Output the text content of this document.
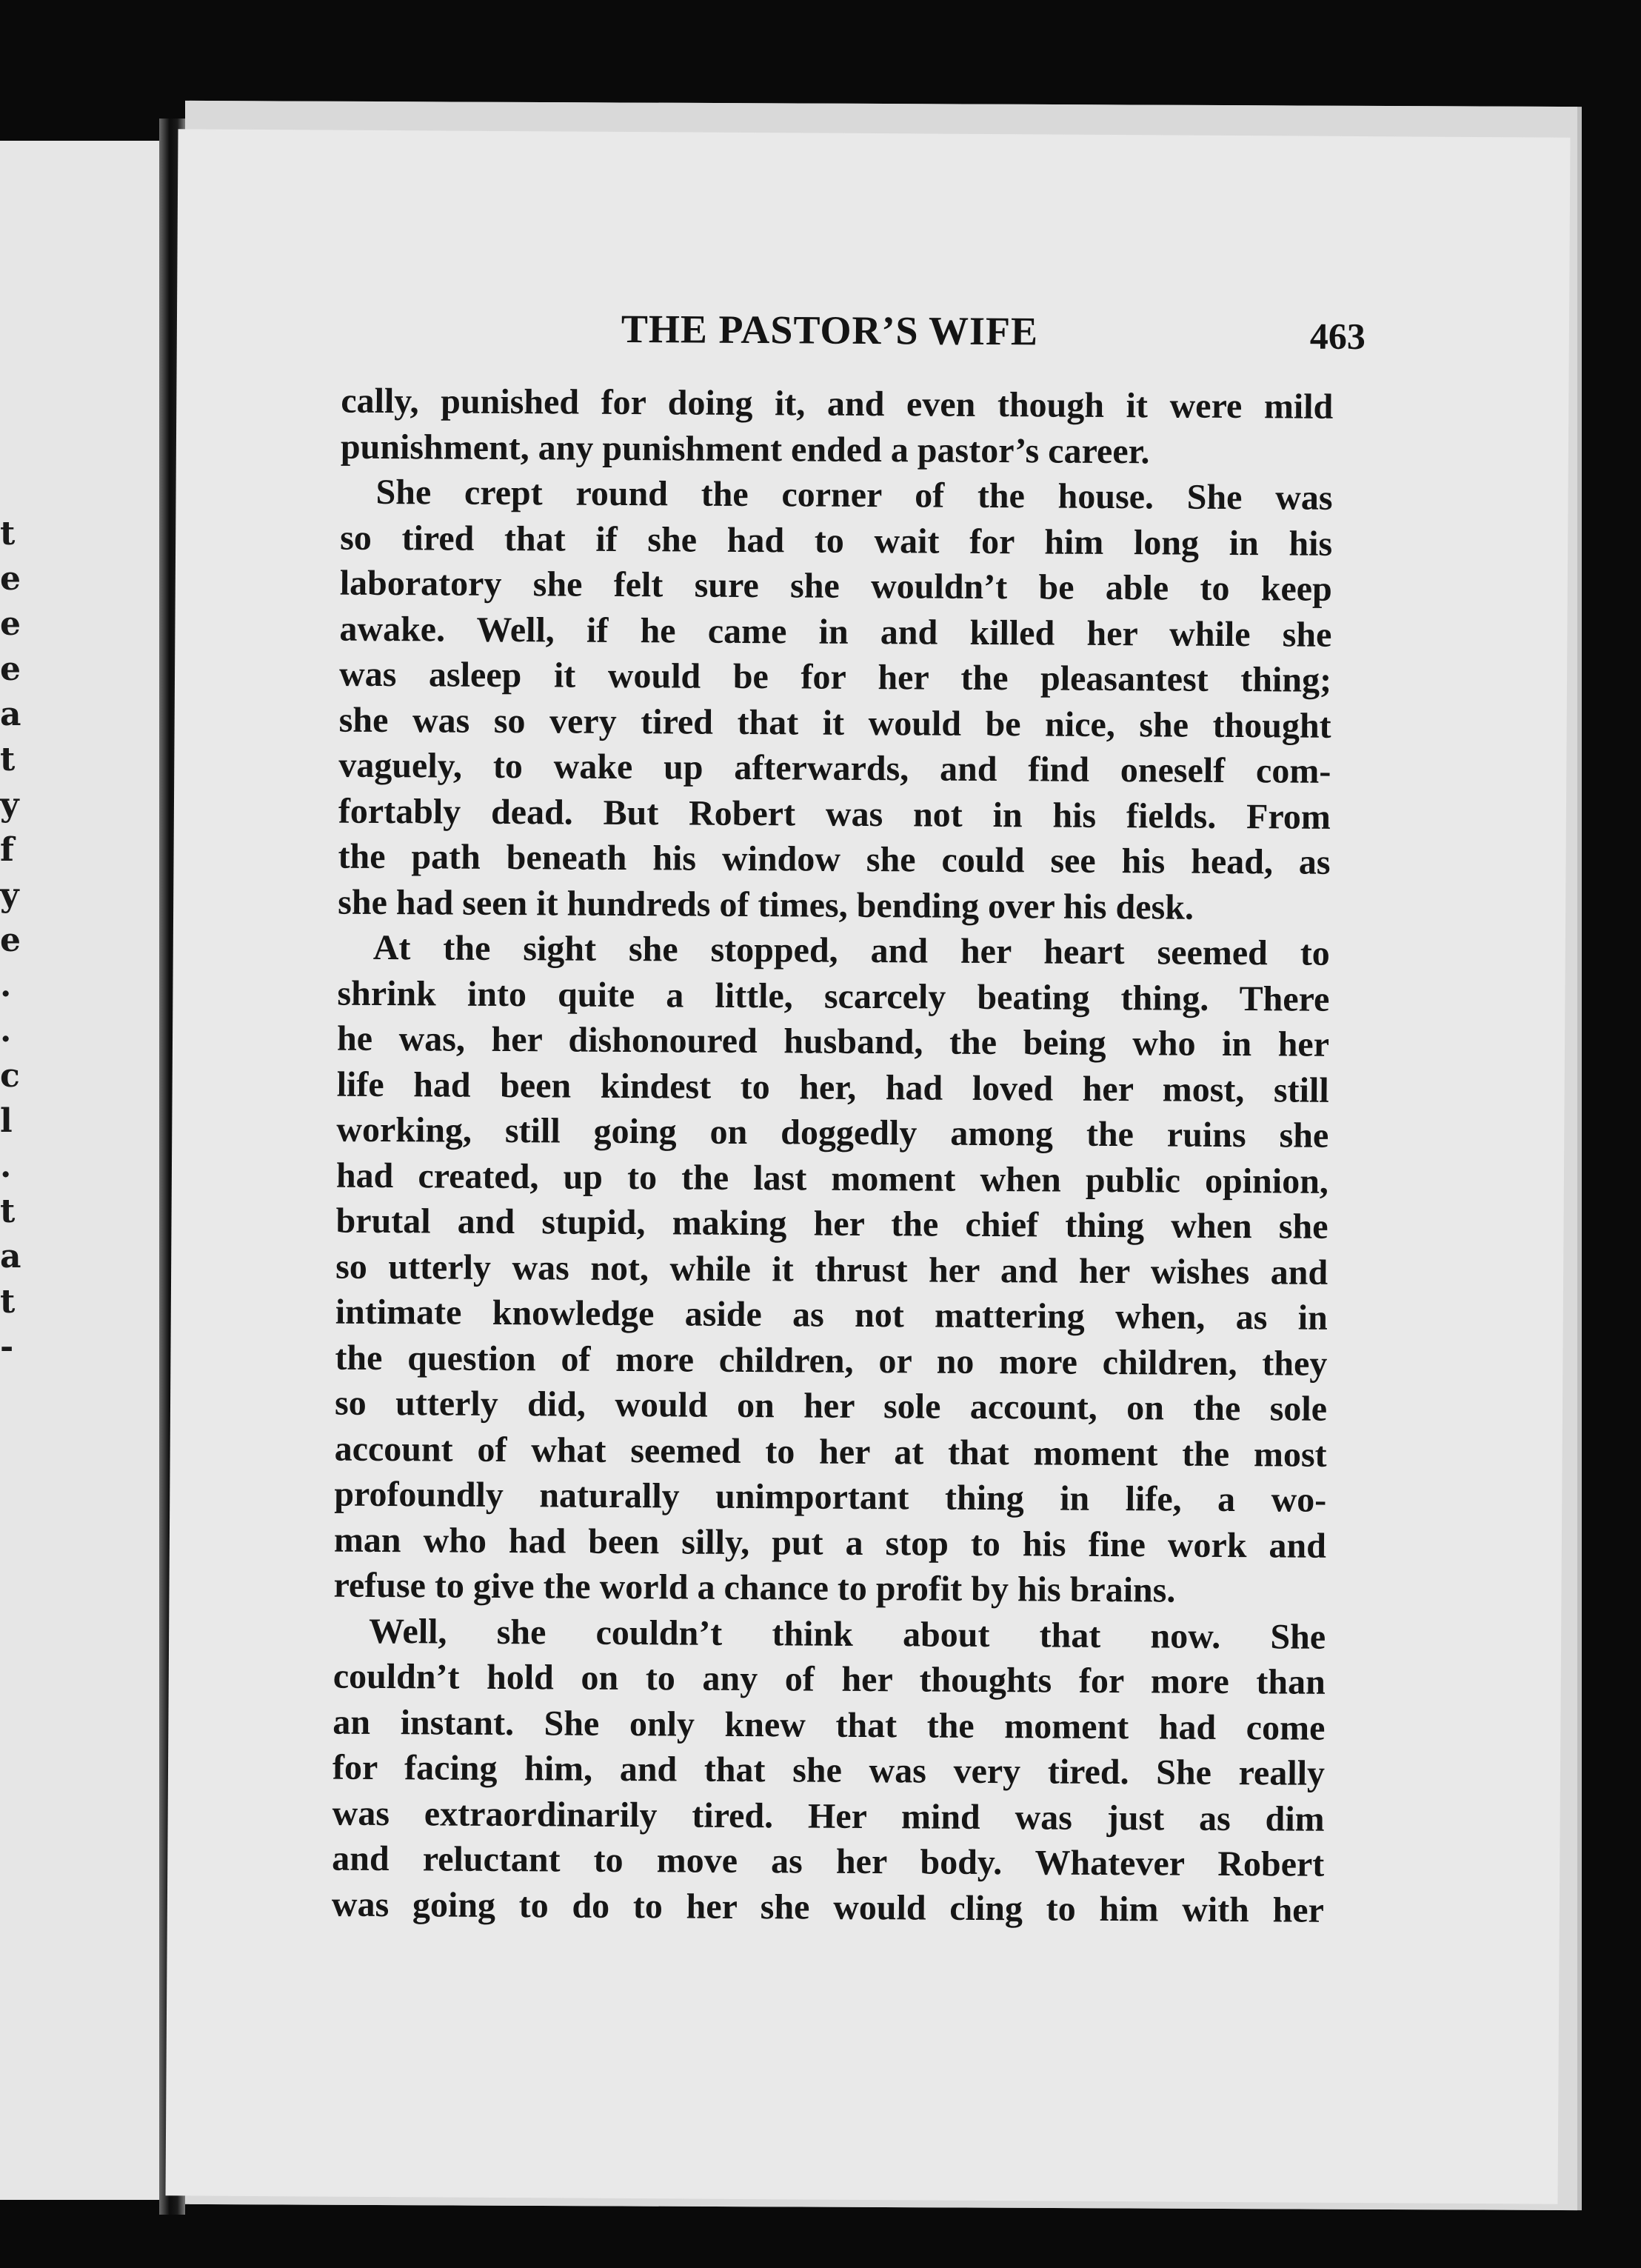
t
e
e
e
a
t
y
f
y
e
.
.
c
l
.
t
a
t
-
THE PASTOR’S WIFE	463
cally, punished for doing it, and even though it were mild
punishment, any punishment ended a pastor’s career.
She crept round the corner of the house. She was
so tired that if she had to wait for him long in his
laboratory she felt sure she wouldn’t be able to keep
awake. Well, if he came in and killed her while she
was asleep it would be for her the pleasantest thing;
she was so very tired that it would be nice, she thought
vaguely, to wake up afterwards, and find oneself com-
fortably dead. But Robert was not in his fields. From
the path beneath his window she could see his head, as
she had seen it hundreds of times, bending over his desk.
At the sight she stopped, and her heart seemed to
shrink into quite a little, scarcely beating thing. There
he was, her dishonoured husband, the being who in her
life had been kindest to her, had loved her most, still
working, still going on doggedly among the ruins she
had created, up to the last moment when public opinion,
brutal and stupid, making her the chief thing when she
so utterly was not, while it thrust her and her wishes and
intimate knowledge aside as not mattering when, as in
the question of more children, or no more children, they
so utterly did, would on her sole account, on the sole
account of what seemed to her at that moment the most
profoundly naturally unimportant thing in life, a wo-
man who had been silly, put a stop to his fine work and
refuse to give the world a chance to profit by his brains.
Well, she couldn’t think about that now. She
couldn’t hold on to any of her thoughts for more than
an instant. She only knew that the moment had come
for facing him, and that she was very tired. She really
was extraordinarily tired. Her mind was just as dim
and reluctant to move as her body. Whatever Robert
was going to do to her she would cling to him with her
